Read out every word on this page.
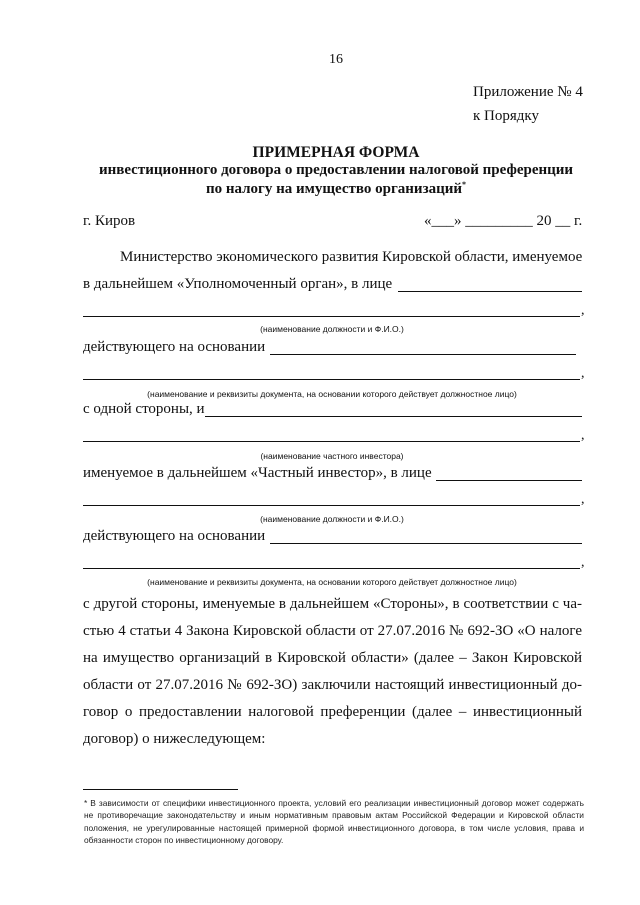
16
Приложение № 4
к Порядку
ПРИМЕРНАЯ ФОРМА
инвестиционного договора о предоставлении налоговой преференции
по налогу на имущество организаций*
г. Киров	«___» _________ 20 __ г.
Министерство экономического развития Кировской области, именуемое
в дальнейшем «Уполномоченный орган», в лице
,
(наименование должности и Ф.И.О.)
действующего на основании
,
(наименование и реквизиты документа, на основании которого действует должностное лицо)
с одной стороны, и
,
(наименование частного инвестора)
именуемое в дальнейшем «Частный инвестор», в лице
,
(наименование должности и Ф.И.О.)
действующего на основании
,
(наименование и реквизиты документа, на основании которого действует должностное лицо)
с другой стороны, именуемые в дальнейшем «Стороны», в соответствии с ча-
стью 4 статьи 4 Закона Кировской области от 27.07.2016 № 692-ЗО «О налоге
на имущество организаций в Кировской области» (далее – Закон Кировской
области от 27.07.2016 № 692-ЗО) заключили настоящий инвестиционный до-
говор о предоставлении налоговой преференции (далее – инвестиционный
договор) о нижеследующем:
* В зависимости от специфики инвестиционного проекта, условий его реализации инвестиционный договор может содержать не противоречащие законодательству и иным нормативным правовым актам Российской Федерации и Кировской области положения, не урегулированные настоящей примерной формой инвестиционного договора, в том числе условия, права и обязанности сторон по инвестиционному договору.
